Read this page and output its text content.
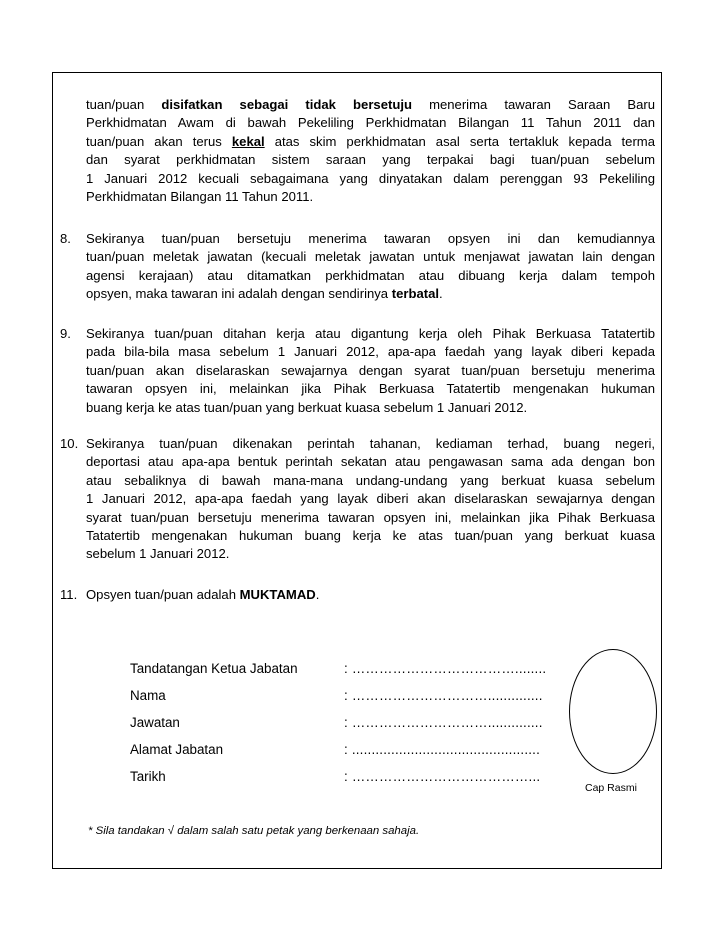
tuan/puan disifatkan sebagai tidak bersetuju menerima tawaran Saraan Baru
Perkhidmatan Awam di bawah Pekeliling Perkhidmatan Bilangan 11 Tahun 2011 dan
tuan/puan akan terus kekal atas skim perkhidmatan asal serta tertakluk kepada terma
dan syarat perkhidmatan sistem saraan yang terpakai bagi tuan/puan sebelum
1 Januari 2012 kecuali sebagaimana yang dinyatakan dalam perenggan 93 Pekeliling
Perkhidmatan Bilangan 11 Tahun 2011.
8. Sekiranya tuan/puan bersetuju menerima tawaran opsyen ini dan kemudiannya
tuan/puan meletak jawatan (kecuali meletak jawatan untuk menjawat jawatan lain dengan
agensi kerajaan) atau ditamatkan perkhidmatan atau dibuang kerja dalam tempoh
opsyen, maka tawaran ini adalah dengan sendirinya terbatal.
9. Sekiranya tuan/puan ditahan kerja atau digantung kerja oleh Pihak Berkuasa Tatatertib
pada bila-bila masa sebelum 1 Januari 2012, apa-apa faedah yang layak diberi kepada
tuan/puan akan diselaraskan sewajarnya dengan syarat tuan/puan bersetuju menerima
tawaran opsyen ini, melainkan jika Pihak Berkuasa Tatatertib mengenakan hukuman
buang kerja ke atas tuan/puan yang berkuat kuasa sebelum 1 Januari 2012.
10. Sekiranya tuan/puan dikenakan perintah tahanan, kediaman terhad, buang negeri,
deportasi atau apa-apa bentuk perintah sekatan atau pengawasan sama ada dengan bon
atau sebaliknya di bawah mana-mana undang-undang yang berkuat kuasa sebelum
1 Januari 2012, apa-apa faedah yang layak diberi akan diselaraskan sewajarnya dengan
syarat tuan/puan bersetuju menerima tawaran opsyen ini, melainkan jika Pihak Berkuasa
Tatatertib mengenakan hukuman buang kerja ke atas tuan/puan yang berkuat kuasa
sebelum 1 Januari 2012.
11. Opsyen tuan/puan adalah MUKTAMAD.
Tandatangan Ketua Jabatan	: ………………………………........
Nama	: …………………………..............
Jawatan	: …………………………..............
Alamat Jabatan	: ................................................
Tarikh	: …………………………………...
Cap Rasmi
* Sila tandakan √ dalam salah satu petak yang berkenaan sahaja.
